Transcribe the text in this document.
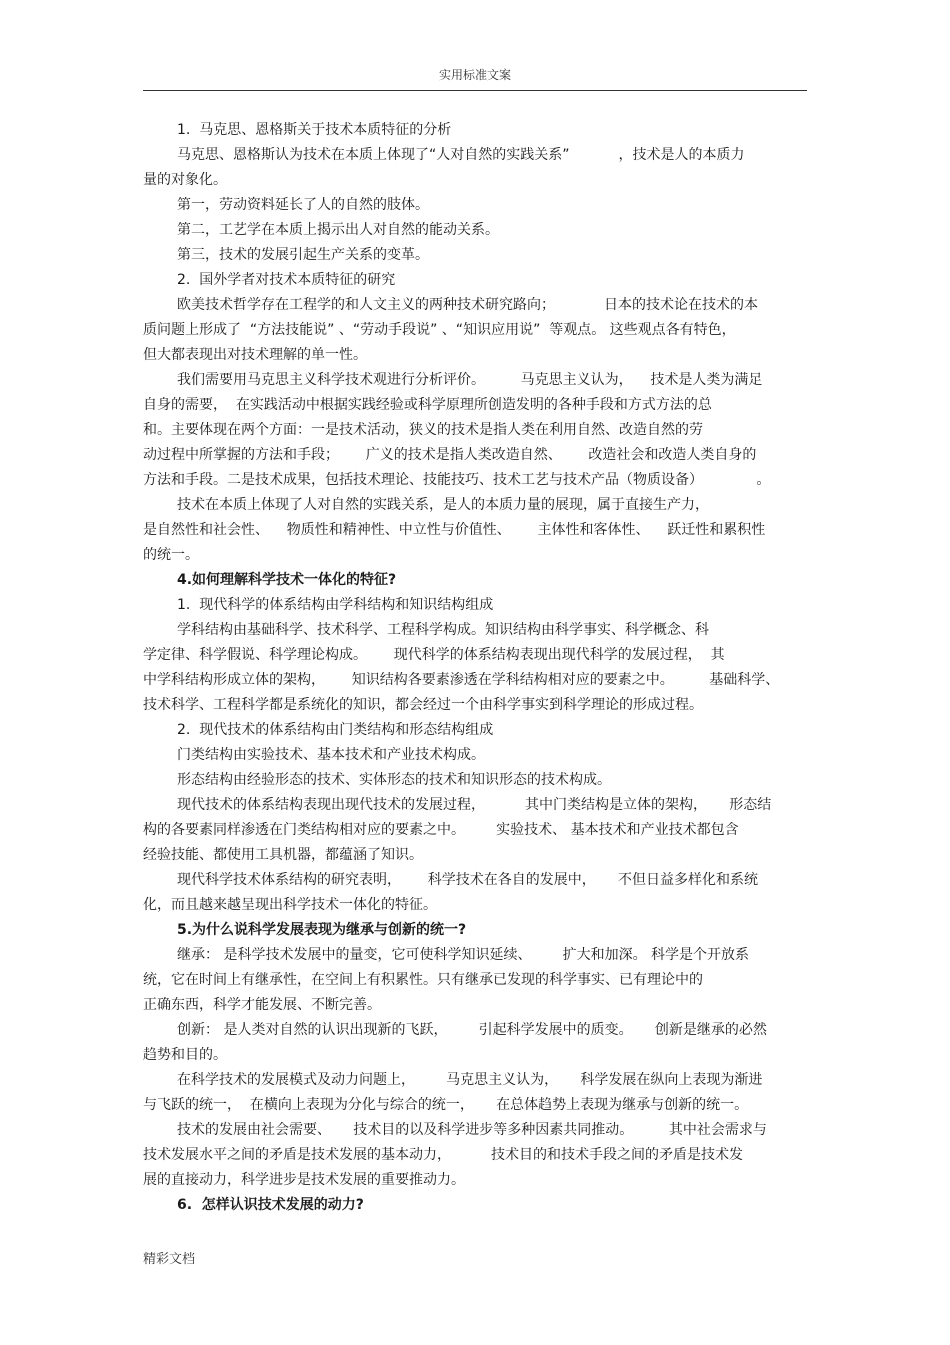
实用标准文案
1.  马克思、恩格斯关于技术本质特征的分析
马克思、恩格斯认为技术在本质上体现了“人对自然的实践关系”           ，技术是人的本质力
量的对象化。
第一，劳动资料延长了人的自然的肢体。
第二，工艺学在本质上揭示出人对自然的能动关系。
第三，技术的发展引起生产关系的变革。
2.  国外学者对技术本质特征的研究
欧美技术哲学存在工程学的和人文主义的两种技术研究路向；           日本的技术论在技术的本
质问题上形成了  “方法技能说” 、“劳动手段说” 、“知识应用说”  等观点。 这些观点各有特色，
但大都表现出对技术理解的单一性。
我们需要用马克思主义科学技术观进行分析评价。        马克思主义认为，    技术是人类为满足
自身的需要，  在实践活动中根据实践经验或科学原理所创造发明的各种手段和方式方法的总
和。主要体现在两个方面：一是技术活动，狭义的技术是指人类在利用自然、改造自然的劳
动过程中所掌握的方法和手段；      广义的技术是指人类改造自然、      改造社会和改造人类自身的
方法和手段。二是技术成果，包括技术理论、技能技巧、技术工艺与技术产品（物质设备）            。
技术在本质上体现了人对自然的实践关系，是人的本质力量的展现，属于直接生产力，
是自然性和社会性、    物质性和精神性、中立性与价值性、      主体性和客体性、    跃迁性和累积性
的统一。
4.如何理解科学技术一体化的特征?
1.  现代科学的体系结构由学科结构和知识结构组成
学科结构由基础科学、技术科学、工程科学构成。知识结构由科学事实、科学概念、科
学定律、科学假说、科学理论构成。      现代科学的体系结构表现出现代科学的发展过程，  其
中学科结构形成立体的架构，      知识结构各要素渗透在学科结构相对应的要素之中。        基础科学、
技术科学、工程科学都是系统化的知识，都会经过一个由科学事实到科学理论的形成过程。
2.  现代技术的体系结构由门类结构和形态结构组成
门类结构由实验技术、基本技术和产业技术构成。
形态结构由经验形态的技术、实体形态的技术和知识形态的技术构成。
现代技术的体系结构表现出现代技术的发展过程，         其中门类结构是立体的架构，     形态结
构的各要素同样渗透在门类结构相对应的要素之中。       实验技术、 基本技术和产业技术都包含
经验技能、都使用工具机器，都蕴涵了知识。
现代科学技术体系结构的研究表明，      科学技术在各自的发展中，     不但日益多样化和系统
化，而且越来越呈现出科学技术一体化的特征。
5.为什么说科学发展表现为继承与创新的统一?
继承： 是科学技术发展中的量变，它可使科学知识延续、       扩大和加深。 科学是个开放系
统，它在时间上有继承性，在空间上有积累性。只有继承已发现的科学事实、已有理论中的
正确东西，科学才能发展、不断完善。
创新： 是人类对自然的认识出现新的飞跃，       引起科学发展中的质变。     创新是继承的必然
趋势和目的。
在科学技术的发展模式及动力问题上，       马克思主义认为，     科学发展在纵向上表现为渐进
与飞跃的统一，  在横向上表现为分化与综合的统一，     在总体趋势上表现为继承与创新的统一。
技术的发展由社会需要、     技术目的以及科学进步等多种因素共同推动。        其中社会需求与
技术发展水平之间的矛盾是技术发展的基本动力，         技术目的和技术手段之间的矛盾是技术发
展的直接动力，科学进步是技术发展的重要推动力。
6.  怎样认识技术发展的动力?
精彩文档
